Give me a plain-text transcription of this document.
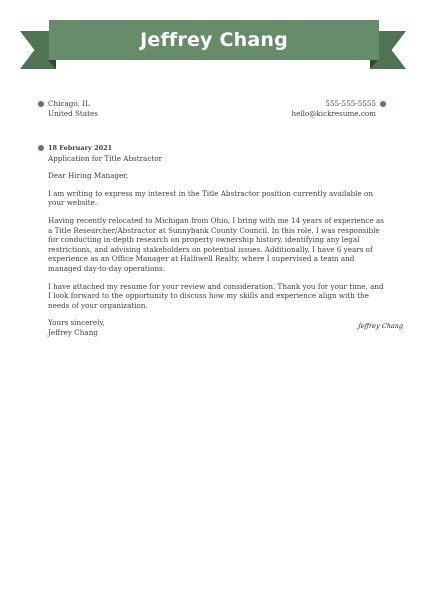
Jeffrey Chang
Chicago, IL
United States
555-555-5555
hello@kickresume.com
18 February 2021
Application for Title Abstractor

Dear Hiring Manager,

I am writing to express my interest in the Title Abstractor position currently available on your website.

Having recently relocated to Michigan from Ohio, I bring with me 14 years of experience as a Title Researcher/Abstractor at Sunnybank County Council. In this role, I was responsible for conducting in-depth research on property ownership history, identifying any legal restrictions, and advising stakeholders on potential issues. Additionally, I have 6 years of experience as an Office Manager at Halliwell Realty, where I supervised a team and managed day-to-day operations.

I have attached my resume for your review and consideration. Thank you for your time, and I look forward to the opportunity to discuss how my skills and experience align with the needs of your organization.

Yours sincerely,
Jeffrey Chang
Jeffrey Chang
